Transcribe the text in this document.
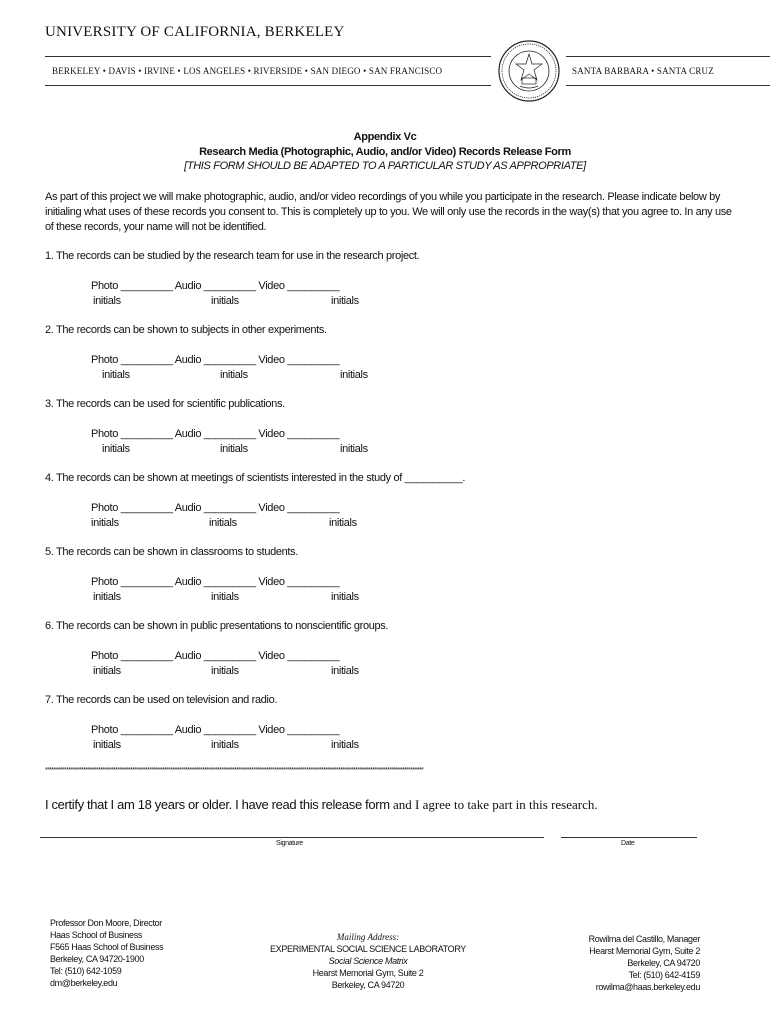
UNIVERSITY OF CALIFORNIA, BERKELEY
BERKELEY • DAVIS • IRVINE • LOS ANGELES • RIVERSIDE • SAN DIEGO • SAN FRANCISCO	SANTA BARBARA • SANTA CRUZ
Appendix Vc
Research Media (Photographic, Audio, and/or Video) Records Release Form
[THIS FORM SHOULD BE ADAPTED TO A PARTICULAR STUDY AS APPROPRIATE]
As part of this project we will make photographic, audio, and/or video recordings of you while you participate in the research. Please indicate below by initialing what uses of these records you consent to. This is completely up to you. We will only use the records in the way(s) that you agree to. In any use of these records, your name will not be identified.
1. The records can be studied by the research team for use in the research project.
Photo _________ Audio _________ Video _________
initials	initials	initials
2. The records can be shown to subjects in other experiments.
Photo _________ Audio _________ Video _________
initials	initials	initials
3. The records can be used for scientific publications.
Photo _________ Audio _________ Video _________
initials	initials	initials
4. The records can be shown at meetings of scientists interested in the study of __________.
Photo _________ Audio _________ Video _________
initials	initials	initials
5. The records can be shown in classrooms to students.
Photo _________ Audio _________ Video _________
initials	initials	initials
6. The records can be shown in public presentations to nonscientific groups.
Photo _________ Audio _________ Video _________
initials	initials	initials
7. The records can be used on television and radio.
Photo _________ Audio _________ Video _________
initials	initials	initials
**********************************************************************************************************************************************************************************
I certify that I am 18 years or older. I have read this release form and I agree to take part in this research.
Signature	Date
Professor Don Moore, Director
Haas School of Business
F565 Haas School of Business
Berkeley, CA 94720-1900
Tel: (510) 642-1059
dm@berkeley.edu
Mailing Address:
EXPERIMENTAL SOCIAL SCIENCE LABORATORY
Social Science Matrix
Hearst Memorial Gym, Suite 2
Berkeley, CA 94720
Rowilma del Castillo, Manager
Hearst Memorial Gym, Suite 2
Berkeley, CA 94720
Tel: (510) 642-4159
rowilma@haas.berkeley.edu
